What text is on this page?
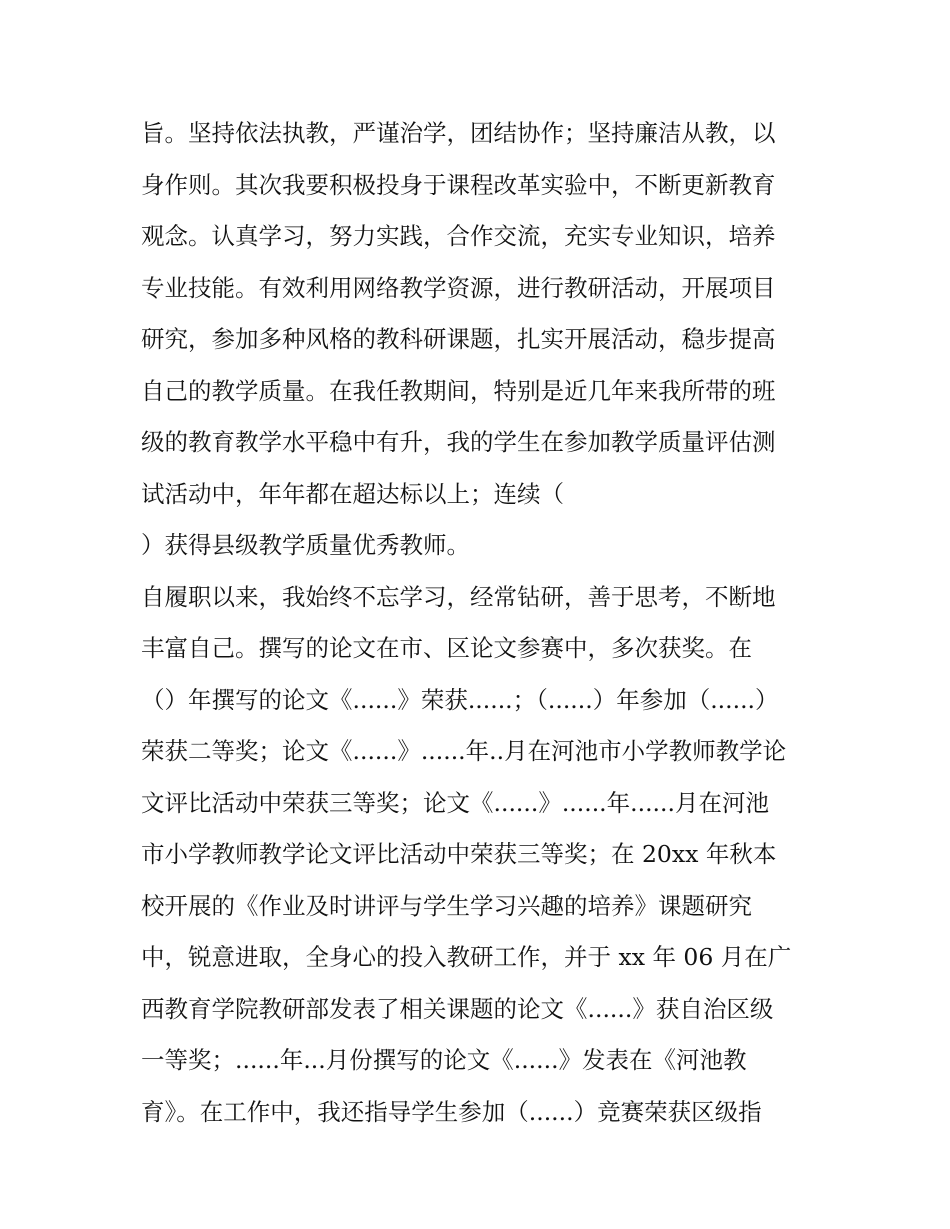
旨。坚持依法执教，严谨治学，团结协作；坚持廉洁从教，以

身作则。其次我要积极投身于课程改革实验中，不断更新教育

观念。认真学习，努力实践，合作交流，充实专业知识，培养

专业技能。有效利用网络教学资源，进行教研活动，开展项目

研究，参加多种风格的教科研课题，扎实开展活动，稳步提高

自己的教学质量。在我任教期间，特别是近几年来我所带的班

级的教育教学水平稳中有升，我的学生在参加教学质量评估测

试活动中，年年都在超达标以上；连续（

）获得县级教学质量优秀教师。

自履职以来，我始终不忘学习，经常钻研，善于思考，不断地

丰富自己。撰写的论文在市、区论文参赛中，多次获奖。在

（）年撰写的论文《......》荣获......；（......）年参加（......）

荣获二等奖；论文《......》......年..月在河池市小学教师教学论

文评比活动中荣获三等奖；论文《......》......年......月在河池

市小学教师教学论文评比活动中荣获三等奖；在 20xx 年秋本

校开展的《作业及时讲评与学生学习兴趣的培养》课题研究

中，锐意进取，全身心的投入教研工作，并于 xx 年 06 月在广

西教育学院教研部发表了相关课题的论文《......》获自治区级

一等奖；......年...月份撰写的论文《......》发表在《河池教

育》。在工作中，我还指导学生参加（......）竞赛荣获区级指
